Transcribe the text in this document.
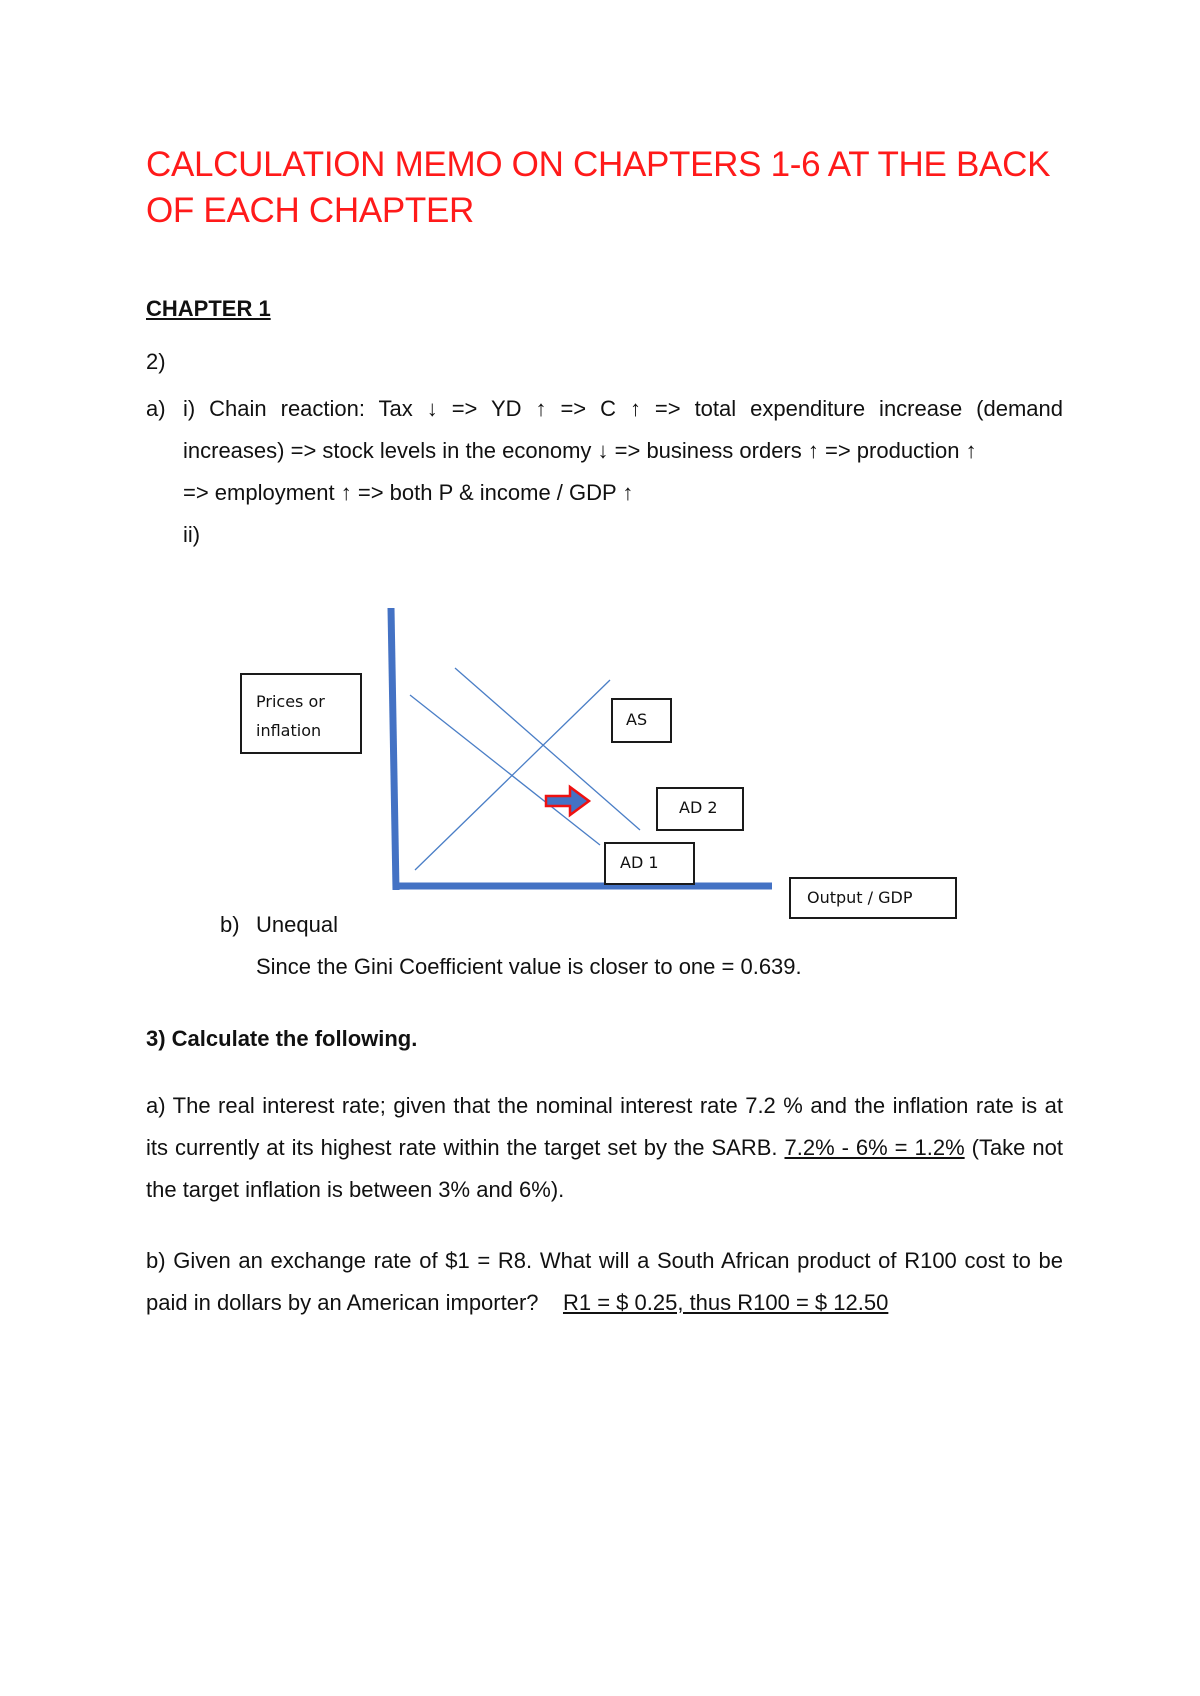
CALCULATION MEMO ON CHAPTERS 1-6 AT THE BACK OF EACH CHAPTER
CHAPTER 1
2)
a) i) Chain reaction: Tax ↓ => YD ↑ => C ↑ => total expenditure increase (demand
increases) => stock levels in the economy ↓ => business orders ↑ => production ↑
=> employment ↑ => both P & income / GDP ↑
ii)
Prices or inflation
AS
AD 2
AD 1
Output / GDP
b) Unequal
Since the Gini Coefficient value is closer to one = 0.639.
3) Calculate the following.

a) The real interest rate; given that the nominal interest rate 7.2 % and the inflation rate is at its currently at its highest rate within the target set by the SARB. 7.2% - 6% = 1.2% (Take not the target inflation is between 3% and 6%).

b) Given an exchange rate of $1 = R8. What will a South African product of R100 cost to be paid in dollars by an American importer? R1 = $ 0.25, thus R100 = $ 12.50
